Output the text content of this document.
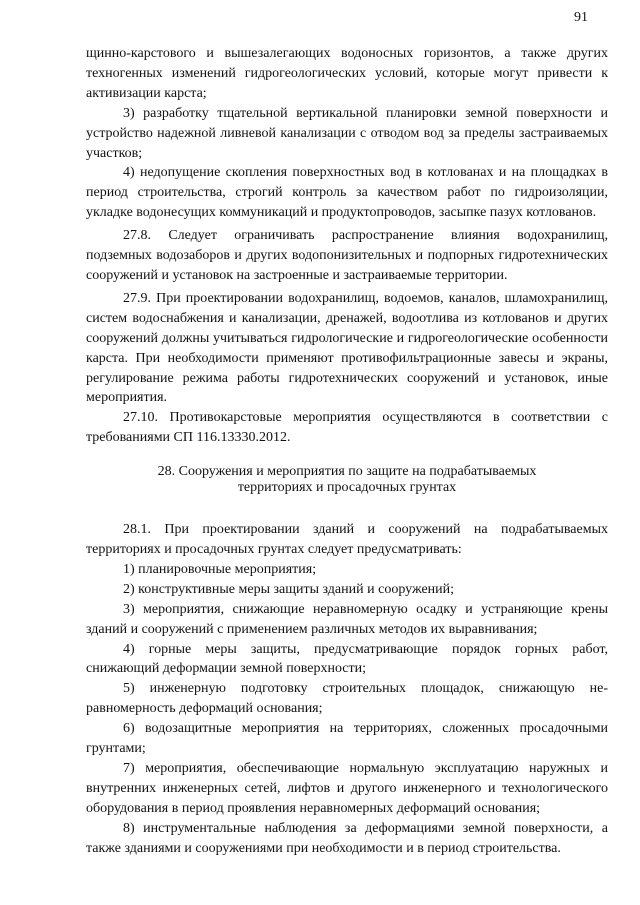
91

щинно-карстового и вышезалегающих водоносных горизонтов, а также других техногенных изменений гидрогеологических условий, которые могут привести к активизации карста;

3) разработку тщательной вертикальной планировки земной поверхности и устройство надежной ливневой канализации с отводом вод за пределы застраиваемых участков;

4) недопущение скопления поверхностных вод в котлованах и на площадках в период строительства, строгий контроль за качеством работ по гидроизоляции, укладке водонесущих коммуникаций и продуктопроводов, засыпке пазух котлованов.

27.8. Следует ограничивать распространение влияния водохранилищ, подземных водозаборов и других водопонизительных и подпорных гидротехнических сооружений и установок на застроенные и застраиваемые территории.

27.9. При проектировании водохранилищ, водоемов, каналов, шламохранилищ, систем водоснабжения и канализации, дренажей, водоотлива из котлованов и других сооружений должны учитываться гидрологические и гидрогеологические особенности карста. При необходимости применяют противофильтрационные завесы и экраны, регулирование режима работы гидротехнических сооружений и установок, иные мероприятия.

27.10. Противокарстовые мероприятия осуществляются в соответствии с требованиями СП 116.13330.2012.

28. Сооружения и мероприятия по защите на подрабатываемых
территориях и просадочных грунтах

28.1. При проектировании зданий и сооружений на подрабатываемых территориях и просадочных грунтах следует предусматривать:

1) планировочные мероприятия;

2) конструктивные меры защиты зданий и сооружений;

3) мероприятия, снижающие неравномерную осадку и устраняющие крены зданий и сооружений с применением различных методов их выравнивания;

4) горные меры защиты, предусматривающие порядок горных работ, снижающий деформации земной поверхности;

5) инженерную подготовку строительных площадок, снижающую неравномерность деформаций основания;

6) водозащитные мероприятия на территориях, сложенных просадочными грунтами;

7) мероприятия, обеспечивающие нормальную эксплуатацию наружных и внутренних инженерных сетей, лифтов и другого инженерного и технологического оборудования в период проявления неравномерных деформаций основания;

8) инструментальные наблюдения за деформациями земной поверхности, а также зданиями и сооружениями при необходимости и в период строительства.
